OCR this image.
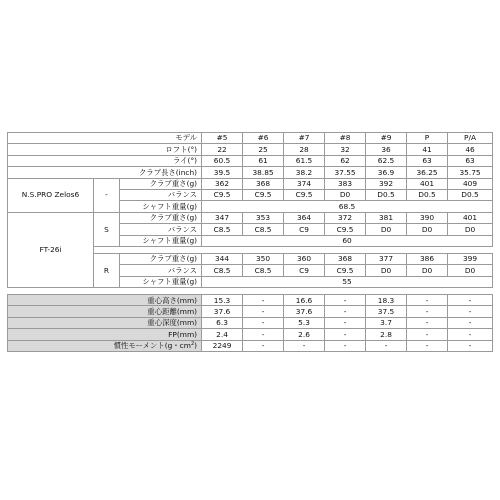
モデル			#5	#6	#7	#8	#9	P	P/A
ロフト(°)			22	25	28	32	36	41	46
ライ(°)			60.5	61	61.5	62	62.5	63	63
クラブ長さ(inch)			39.5	38.85	38.2	37.55	36.9	36.25	35.75
N.S.PRO Zelos6	-	クラブ重さ(g)	362	368	374	383	392	401	409
		バランス	C9.5	C9.5	C9.5	D0	D0.5	D0.5	D0.5
		シャフト重量(g)	68.5						
FT-26i	S	クラブ重さ(g)	347	353	364	372	381	390	401
		バランス	C8.5	C8.5	C9	C9.5	D0	D0	D0
		シャフト重量(g)	60						

	R	クラブ重さ(g)	344	350	360	368	377	386	399
		バランス	C8.5	C8.5	C9	C9.5	D0	D0	D0
		シャフト重量(g)	55						

重心高さ(mm)			15.3	-	16.6	-	18.3	-	-
重心距離(mm)			37.6	-	37.6	-	37.5	-	-
重心深度(mm)			6.3	-	5.3	-	3.7	-	-
FP(mm)			2.4	-	2.6	-	2.8	-	-
慣性モーメント(g・$cm^2$)			2249	-	-	-	-	-	-
